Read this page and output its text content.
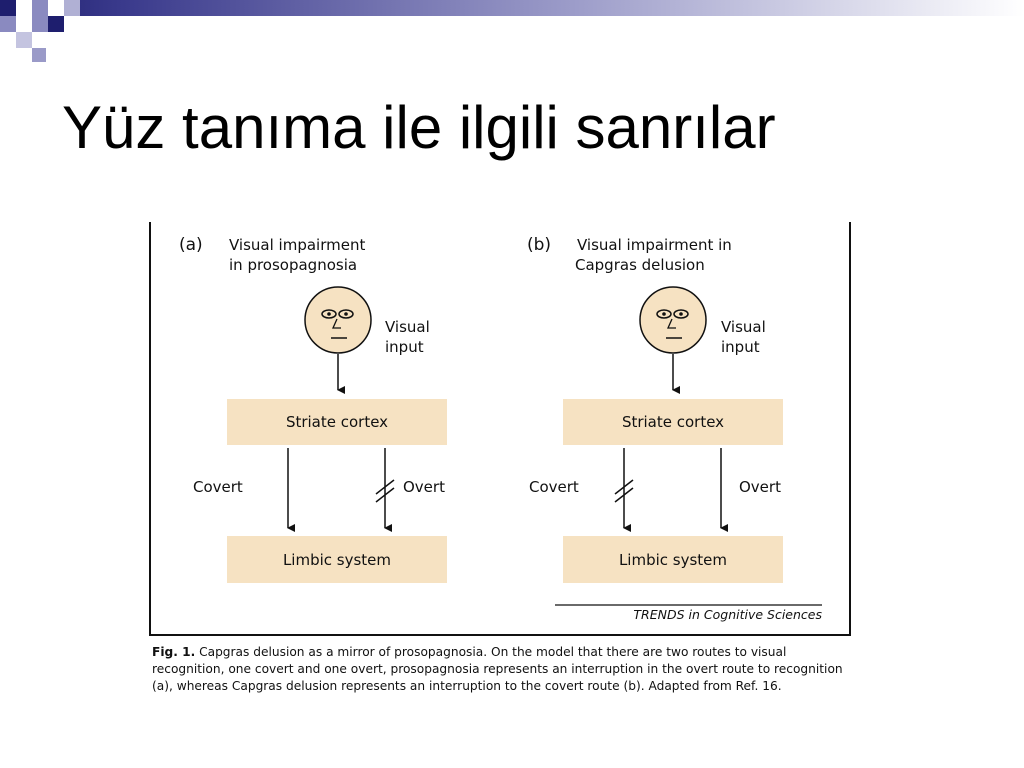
Yüz tanıma ile ilgili sanrılar
(a) Visual impairment
in prosopagnosia
Visual
input
Striate cortex
Covert	Overt
Limbic system
(b) Visual impairment in
Capgras delusion
Visual
input
Striate cortex
Covert	Overt
Limbic system
TRENDS in Cognitive Sciences
Fig. 1. Capgras delusion as a mirror of prosopagnosia. On the model that there are two routes to visual recognition, one covert and one overt, prosopagnosia represents an interruption in the overt route to recognition (a), whereas Capgras delusion represents an interruption to the covert route (b). Adapted from Ref. 16.
